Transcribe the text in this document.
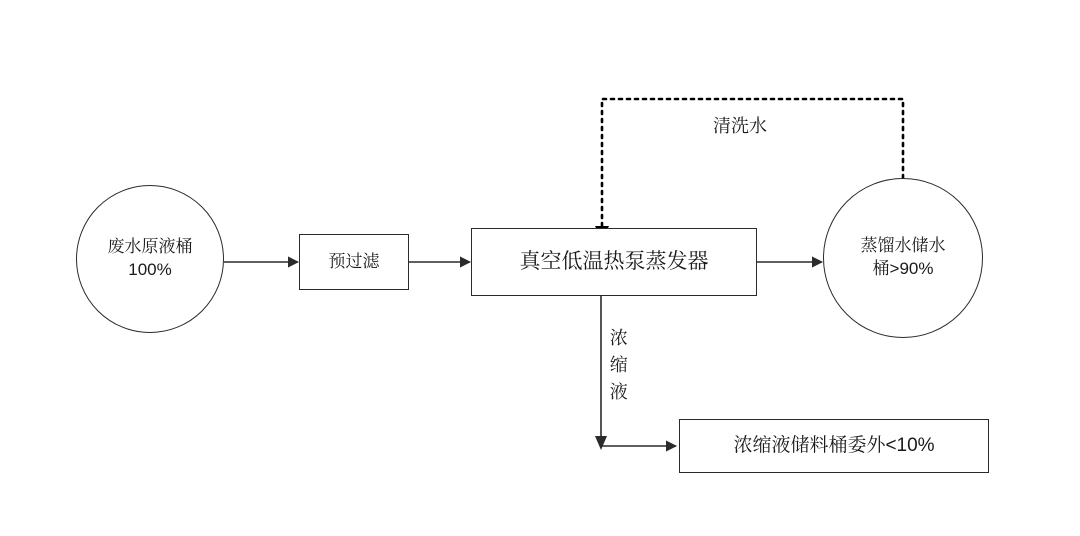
废水原液桶
100%	预过滤	真空低温热泵蒸发器
蒸馏水储水
桶>90%
浓缩液储料桶委外<10%
清洗水
浓缩液
